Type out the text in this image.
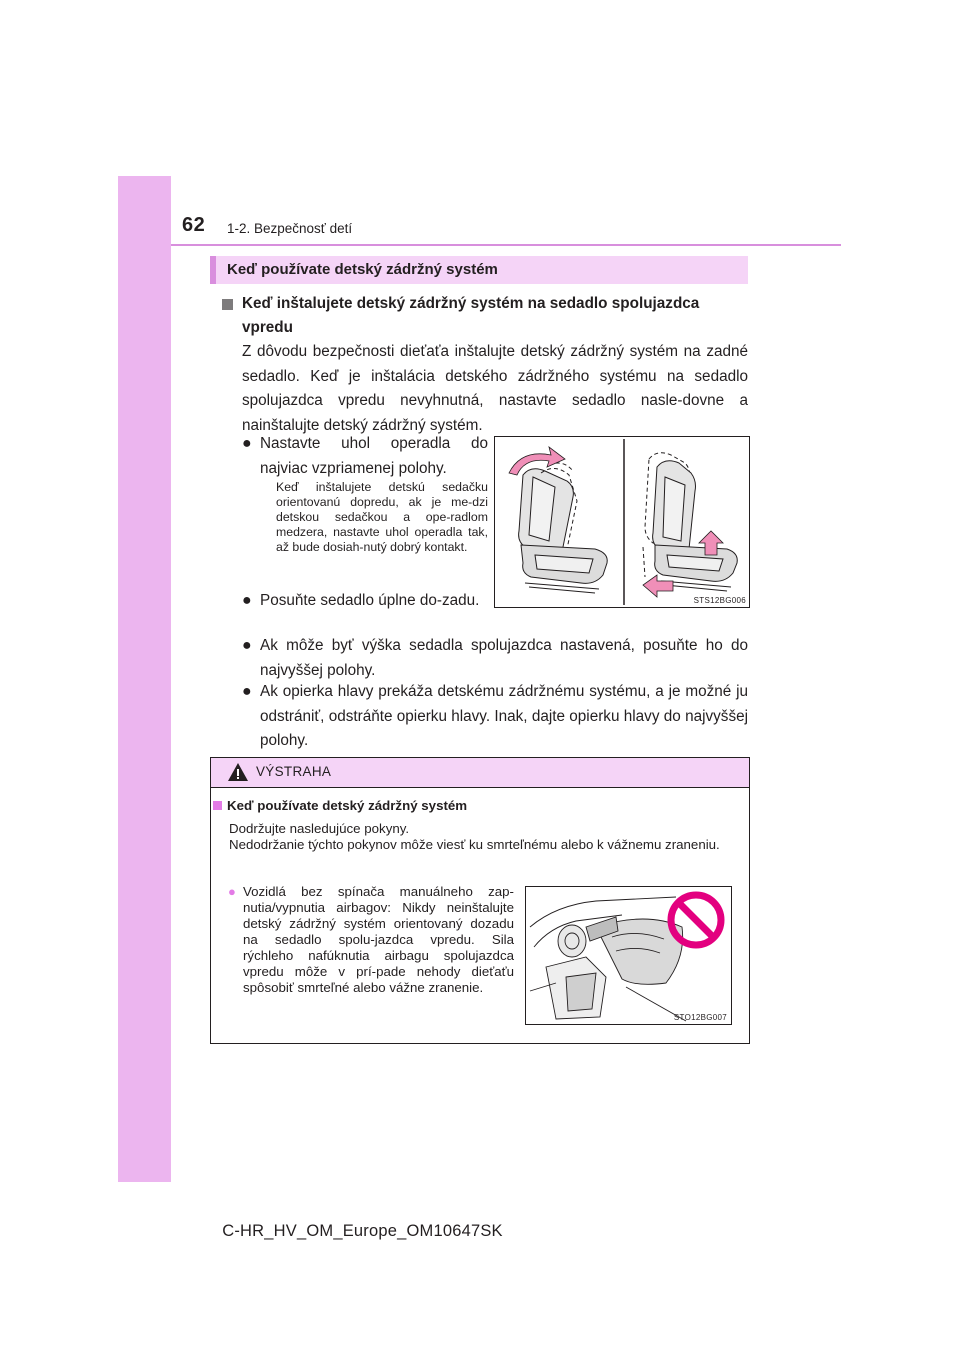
62 1-2. Bezpečnosť detí
Keď používate detský zádržný systém
Keď inštalujete detský zádržný systém na sedadlo spolujazdca vpredu
Z dôvodu bezpečnosti dieťaťa inštalujte detský zádržný systém na zadné sedadlo. Keď je inštalácia detského zádržného systému na sedadlo spolujazdca vpredu nevyhnutná, nastavte sedadlo nasle-dovne a nainštalujte detský zádržný systém.
● Nastavte uhol operadla do najviac vzpriamenej polohy.
Keď inštalujete detskú sedačku orientovanú dopredu, ak je me-dzi detskou sedačkou a ope-radlom medzera, nastavte uhol operadla tak, až bude dosiah-nutý dobrý kontakt.
● Posuňte sedadlo úplne do-zadu.
● Ak môže byť výška sedadla spolujazdca nastavená, posuňte ho do najvyššej polohy.
● Ak opierka hlavy prekáža detskému zádržnému systému, a je možné ju odstrániť, odstráňte opierku hlavy. Inak, dajte opierku hlavy do najvyššej polohy.
STS12BG006
VÝSTRAHA
Keď používate detský zádržný systém
Dodržujte nasledujúce pokyny.
Nedodržanie týchto pokynov môže viesť ku smrteľnému alebo k vážnemu zraneniu.
● Vozidlá bez spínača manuálneho zap-nutia/vypnutia airbagov: Nikdy neinštalujte detský zádržný systém orientovaný dozadu na sedadlo spolu-jazdca vpredu. Sila rýchleho nafúknutia airbagu spolujazdca vpredu môže v prí-pade nehody dieťaťu spôsobiť smrteľné alebo vážne zranenie.
STO12BG007
C-HR_HV_OM_Europe_OM10647SK
